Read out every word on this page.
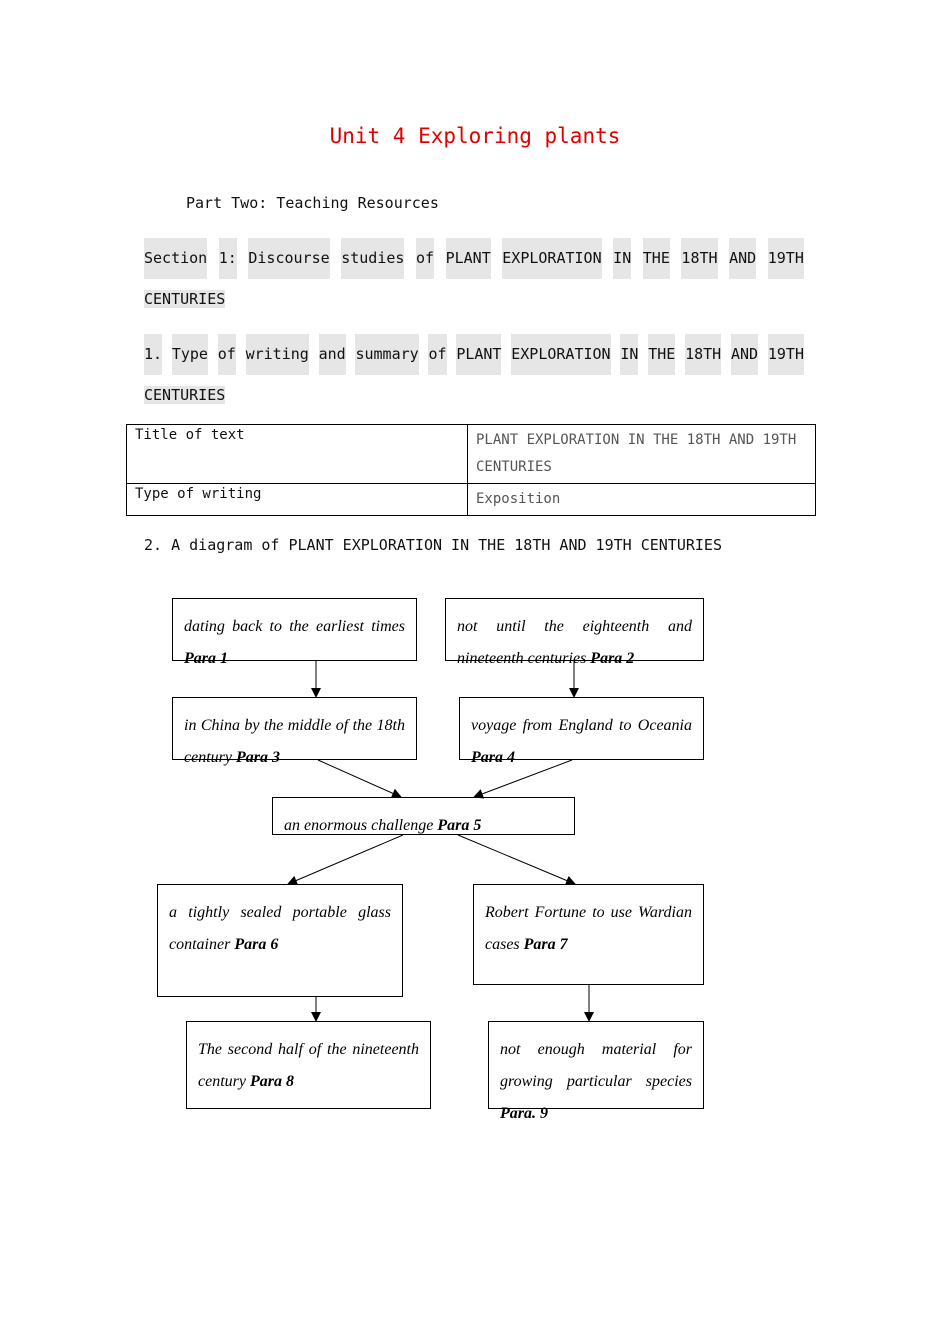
Unit 4 Exploring plants
Part Two: Teaching Resources
Section 1: Discourse studies of PLANT EXPLORATION IN THE 18TH AND 19TH
CENTURIES
1. Type of writing and summary of PLANT EXPLORATION IN THE 18TH AND 19TH
CENTURIES
Title of text	PLANT EXPLORATION IN THE 18TH AND 19TH CENTURIES
Type of writing	Exposition
2. A diagram of PLANT EXPLORATION IN THE 18TH AND 19TH CENTURIES
dating back to the earliest times Para 1
not until the eighteenth and nineteenth centuries Para 2
in China by the middle of the 18th century Para 3
voyage from England to Oceania Para 4
an enormous challenge Para 5
a tightly sealed portable glass container Para 6
Robert Fortune to use Wardian cases Para 7
The second half of the nineteenth century Para 8
not enough material for growing particular species Para. 9
